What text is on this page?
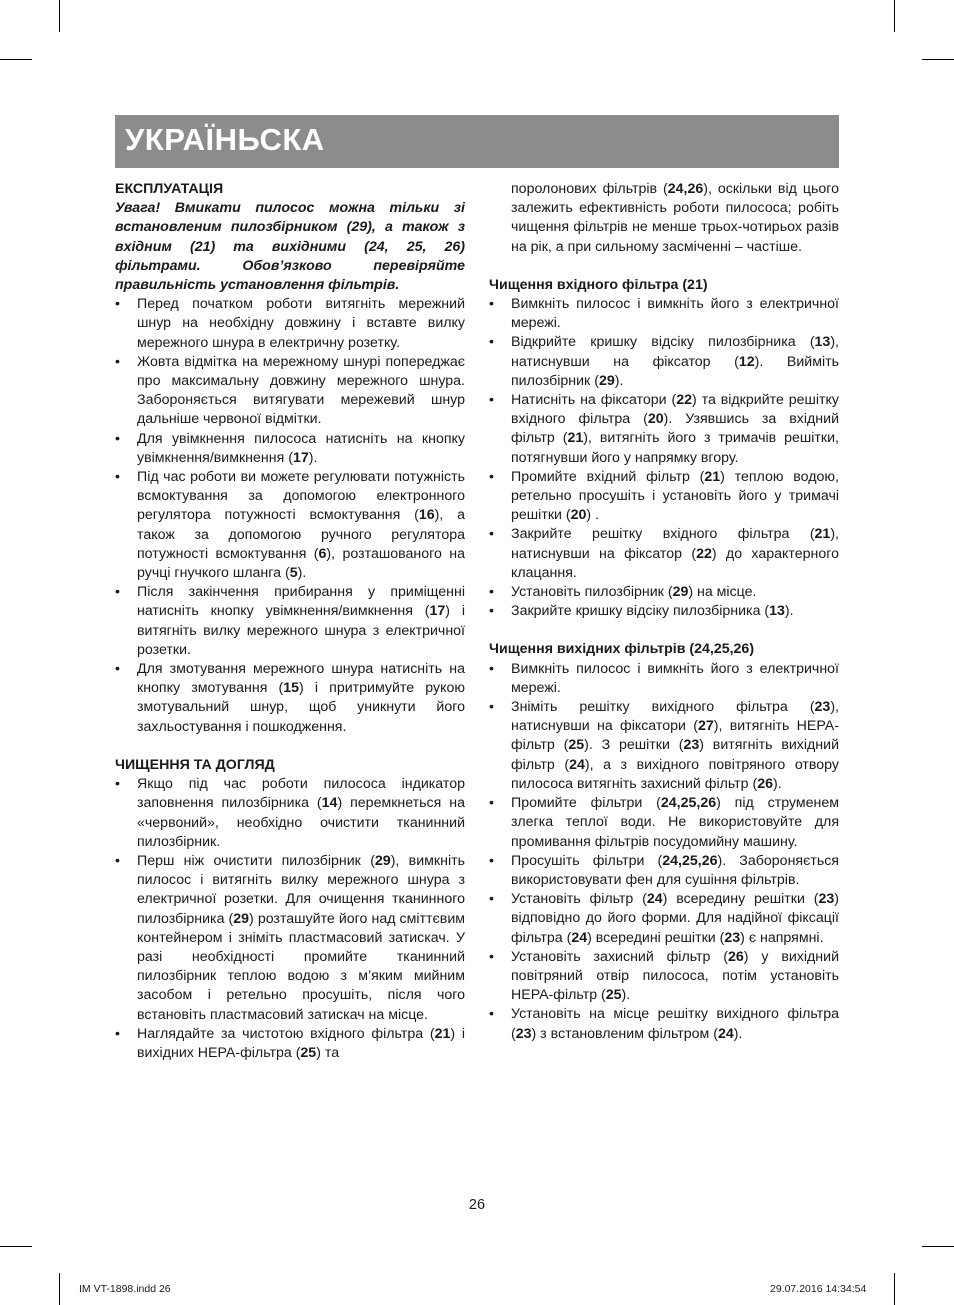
УКРАЇНЬСКА
ЕКСПЛУАТАЦІЯ
Увага! Вмикати пилосос можна тільки зі встановленим пилозбірником (29), а також з вхідним (21) та вихідними (24, 25, 26) фільтрами. Обов’язково перевіряйте правильність установлення фільтрів.
• Перед початком роботи витягніть мережний шнур на необхідну довжину і вставте вилку мережного шнура в електричну розетку.
• Жовта відмітка на мережному шнурі попереджає про максимальну довжину мережного шнура. Забороняється витягувати мережевий шнур дальніше червоної відмітки.
• Для увімкнення пилососа натисніть на кнопку увімкнення/вимкнення (17).
• Під час роботи ви можете регулювати потужність всмоктування за допомогою електронного регулятора потужності всмоктування (16), а також за допомогою ручного регулятора потужності всмоктування (6), розташованого на ручці гнучкого шланга (5).
• Після закінчення прибирання у приміщенні натисніть кнопку увімкнення/вимкнення (17) і витягніть вилку мережного шнура з електричної розетки.
• Для змотування мережного шнура натисніть на кнопку змотування (15) і притримуйте рукою змотувальний шнур, щоб уникнути його захльостування і пошкодження.
ЧИЩЕННЯ ТА ДОГЛЯД
• Якщо під час роботи пилососа індикатор заповнення пилозбірника (14) перемкнеться на «червоний», необхідно очистити тканинний пилозбірник.
• Перш ніж очистити пилозбірник (29), вимкніть пилосос і витягніть вилку мережного шнура з електричної розетки. Для очищення тканинного пилозбірника (29) розташуйте його над сміттєвим контейнером і зніміть пластмасовий затискач. У разі необхідності промийте тканинний пилозбірник теплою водою з м’яким мийним засобом і ретельно просушіть, після чого встановіть пластмасовий затискач на місце.
• Наглядайте за чистотою вхідного фільтра (21) і вихідних HEPA-фільтра (25) та
поролонових фільтрів (24,26), оскільки від цього залежить ефективність роботи пилососа; робіть чищення фільтрів не менше трьох-чотирьох разів на рік, а при сильному засміченні – частіше.
Чищення вхідного фільтра (21)
• Вимкніть пилосос і вимкніть його з електричної мережі.
• Відкрийте кришку відсіку пилозбірника (13), натиснувши на фіксатор (12). Вийміть пилозбірник (29).
• Натисніть на фіксатори (22) та відкрийте решітку вхідного фільтра (20). Узявшись за вхідний фільтр (21), витягніть його з тримачів решітки, потягнувши його у напрямку вгору.
• Промийте вхідний фільтр (21) теплою водою, ретельно просушіть і установіть його у тримачі решітки (20) .
• Закрийте решітку вхідного фільтра (21), натиснувши на фіксатор (22) до характерного клацання.
• Установіть пилозбірник (29) на місце.
• Закрийте кришку відсіку пилозбірника (13).
Чищення вихідних фільтрів (24,25,26)
• Вимкніть пилосос і вимкніть його з електричної мережі.
• Зніміть решітку вихідного фільтра (23), натиснувши на фіксатори (27), витягніть HEPA-фільтр (25). З решітки (23) витягніть вихідний фільтр (24), а з вихідного повітряного отвору пилососа витягніть захисний фільтр (26).
• Промийте фільтри (24,25,26) під струменем злегка теплої води. Не використовуйте для промивання фільтрів посудомийну машину.
• Просушіть фільтри (24,25,26). Забороняється використовувати фен для сушіння фільтрів.
• Установіть фільтр (24) всередину решітки (23) відповідно до його форми. Для надійної фіксації фільтра (24) всередині решітки (23) є напрямні.
• Установіть захисний фільтр (26) у вихідний повітряний отвір пилососа, потім установіть HEPA-фільтр (25).
• Установіть на місце решітку вихідного фільтра (23) з встановленим фільтром (24).
26
IM VT-1898.indd 26	29.07.2016 14:34:54
